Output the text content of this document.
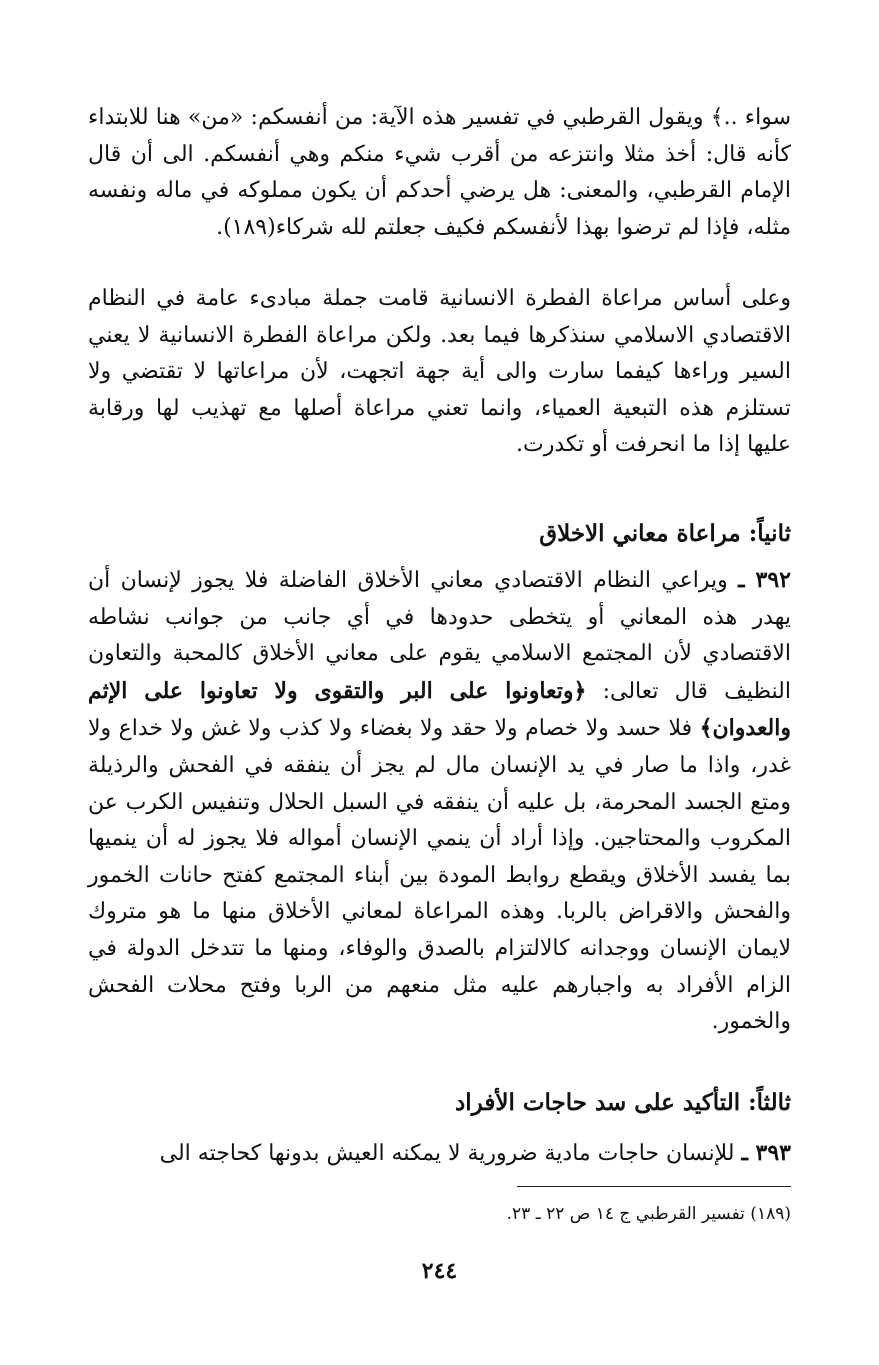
سواء ..﴾ ويقول القرطبي في تفسير هذه الآية: من أنفسكم: «من» هنا للابتداء كأنه قال: أخذ مثلا وانتزعه من أقرب شيء منكم وهي أنفسكم. الى أن قال الإمام القرطبي، والمعنى: هل يرضي أحدكم أن يكون مملوكه في ماله ونفسه مثله، فإذا لم ترضوا بهذا لأنفسكم فكيف جعلتم لله شركاء(١٨٩).

وعلى أساس مراعاة الفطرة الانسانية قامت جملة مبادىء عامة في النظام الاقتصادي الاسلامي سنذكرها فيما بعد. ولكن مراعاة الفطرة الانسانية لا يعني السير وراءها كيفما سارت والى أية جهة اتجهت، لأن مراعاتها لا تقتضي ولا تستلزم هذه التبعية العمياء، وانما تعني مراعاة أصلها مع تهذيب لها ورقابة عليها إذا ما انحرفت أو تكدرت.

ثانياً: مراعاة معاني الاخلاق

٣٩٢ ـ ويراعي النظام الاقتصادي معاني الأخلاق الفاضلة فلا يجوز لإنسان أن يهدر هذه المعاني أو يتخطى حدودها في أي جانب من جوانب نشاطه الاقتصادي لأن المجتمع الاسلامي يقوم على معاني الأخلاق كالمحبة والتعاون النظيف قال تعالى: ﴿وتعاونوا على البر والتقوى ولا تعاونوا على الإثم والعدوان﴾ فلا حسد ولا خصام ولا حقد ولا بغضاء ولا كذب ولا غش ولا خداع ولا غدر، واذا ما صار في يد الإنسان مال لم يجز أن ينفقه في الفحش والرذيلة ومتع الجسد المحرمة، بل عليه أن ينفقه في السبل الحلال وتنفيس الكرب عن المكروب والمحتاجين. وإذا أراد أن ينمي الإنسان أمواله فلا يجوز له أن ينميها بما يفسد الأخلاق ويقطع روابط المودة بين أبناء المجتمع كفتح حانات الخمور والفحش والاقراض بالربا. وهذه المراعاة لمعاني الأخلاق منها ما هو متروك لايمان الإنسان ووجدانه كالالتزام بالصدق والوفاء، ومنها ما تتدخل الدولة في الزام الأفراد به واجبارهم عليه مثل منعهم من الربا وفتح محلات الفحش والخمور.

ثالثاً: التأكيد على سد حاجات الأفراد

٣٩٣ ـ للإنسان حاجات مادية ضرورية لا يمكنه العيش بدونها كحاجته الى

(١٨٩) تفسير القرطبي ج ١٤ ص ٢٢ ـ ٢٣.
٢٤٤
